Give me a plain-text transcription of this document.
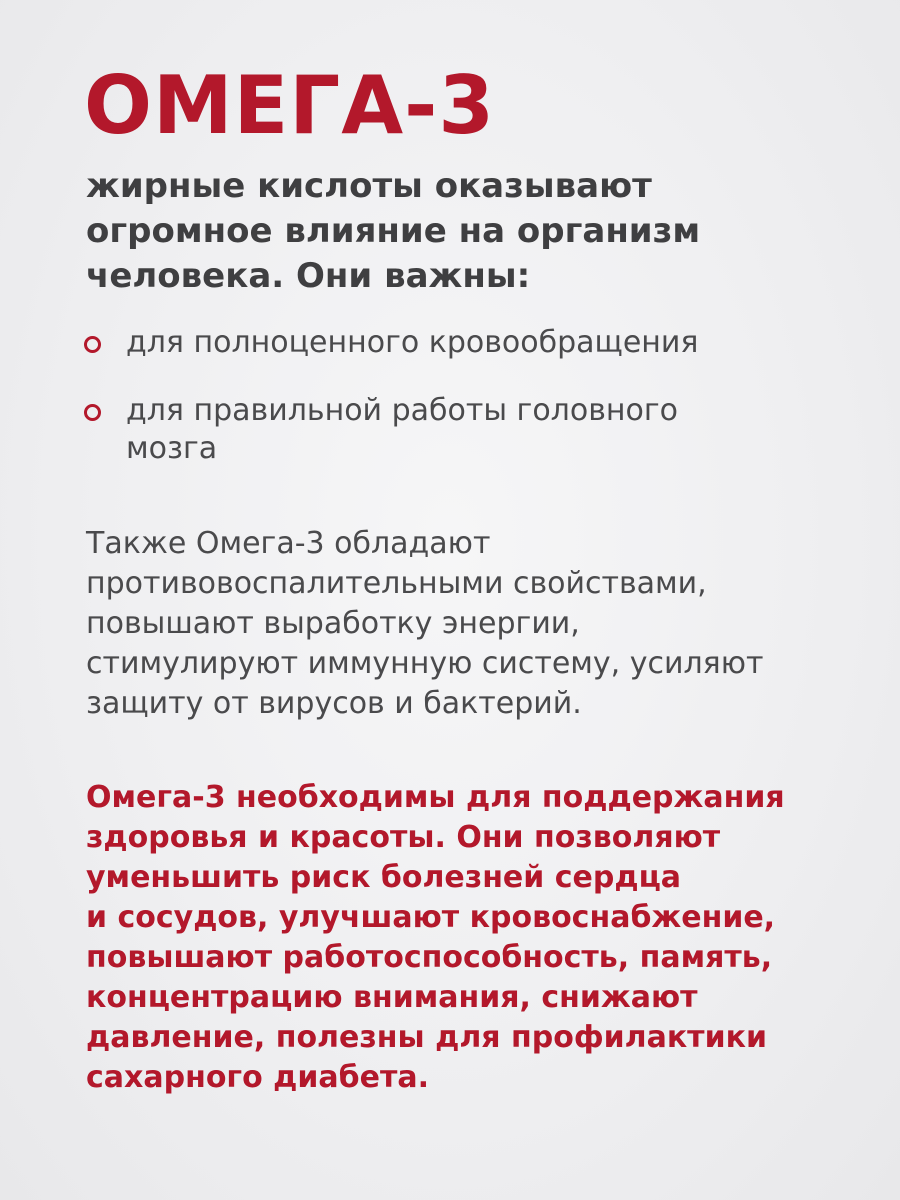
ОМЕГА-3

жирные кислоты оказывают
огромное влияние на организм
человека. Они важны:

для полноценного кровообращения
для правильной работы головного
мозга

Также Омега-3 обладают
противовоспалительными свойствами,
повышают выработку энергии,
стимулируют иммунную систему, усиляют
защиту от вирусов и бактерий.

Омега-3 необходимы для поддержания
здоровья и красоты. Они позволяют
уменьшить риск болезней сердца
и сосудов, улучшают кровоснабжение,
повышают работоспособность, память,
концентрацию внимания, снижают
давление, полезны для профилактики
сахарного диабета.
